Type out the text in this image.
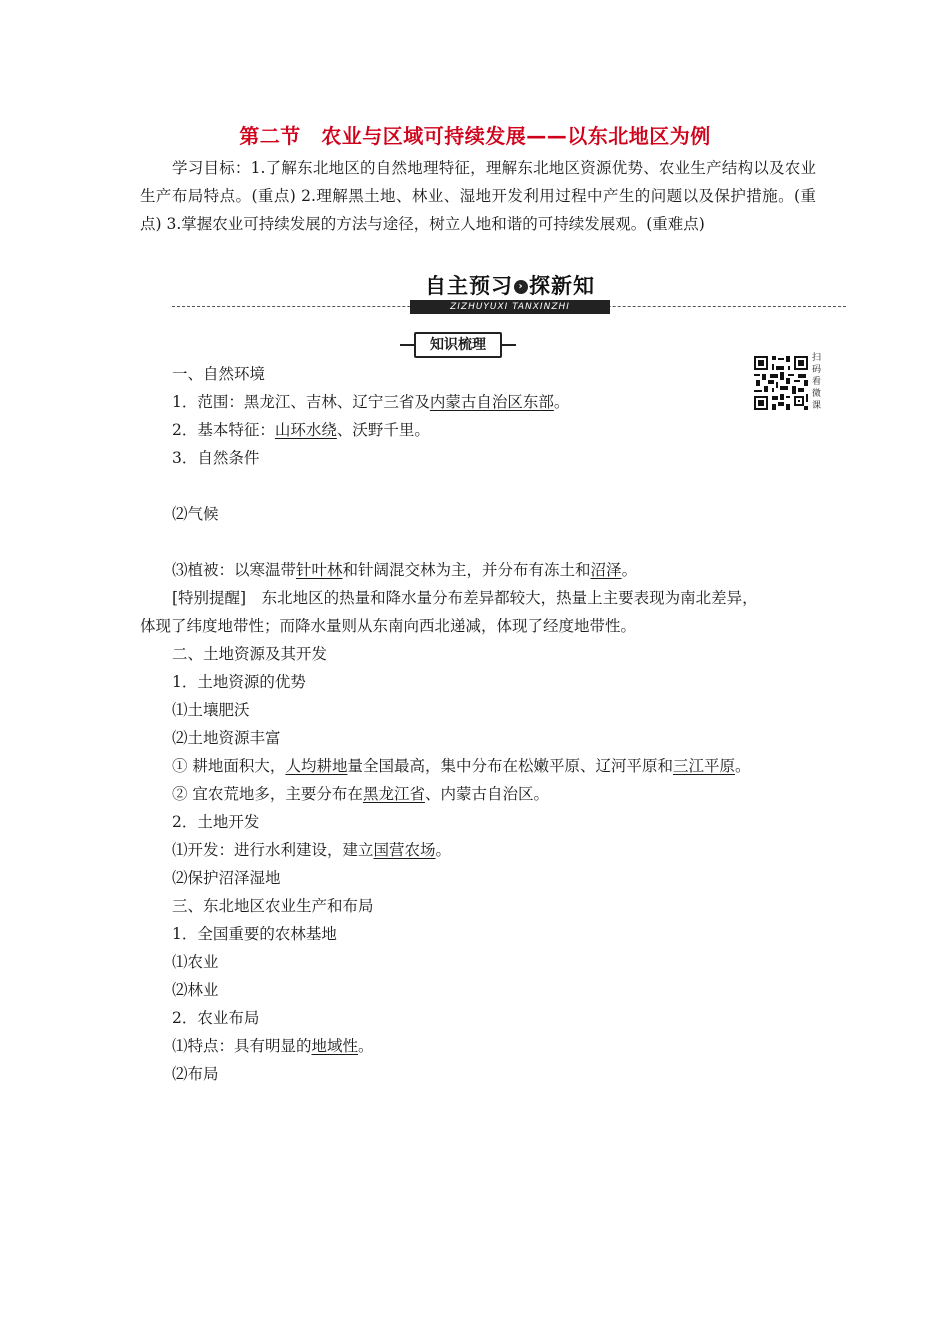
第二节　农业与区域可持续发展——以东北地区为例
学习目标：1.了解东北地区的自然地理特征，理解东北地区资源优势、农业生产结构以及农业生产布局特点。(重点) 2.理解黑土地、林业、湿地开发利用过程中产生的问题以及保护措施。(重点) 3.掌握农业可持续发展的方法与途径，树立人地和谐的可持续发展观。(重难点)
自主预习 › 探新知
ZIZHUYUXI TANXINZHI
知识梳理
扫码看微课
一、自然环境
1．范围：黑龙江、吉林、辽宁三省及内蒙古自治区东部。
2．基本特征：山环水绕、沃野千里。
3．自然条件
⑵气候
⑶植被：以寒温带针叶林和针阔混交林为主，并分布有冻土和沼泽。
[特别提醒]　东北地区的热量和降水量分布差异都较大，热量上主要表现为南北差异，
体现了纬度地带性；而降水量则从东南向西北递减，体现了经度地带性。
二、土地资源及其开发
1．土地资源的优势
⑴土壤肥沃
⑵土地资源丰富
① 耕地面积大，人均耕地量全国最高，集中分布在松嫩平原、辽河平原和三江平原。
② 宜农荒地多，主要分布在黑龙江省、内蒙古自治区。
2．土地开发
⑴开发：进行水利建设，建立国营农场。
⑵保护沼泽湿地
三、东北地区农业生产和布局
1．全国重要的农林基地
⑴农业
⑵林业
2．农业布局
⑴特点：具有明显的地域性。
⑵布局
